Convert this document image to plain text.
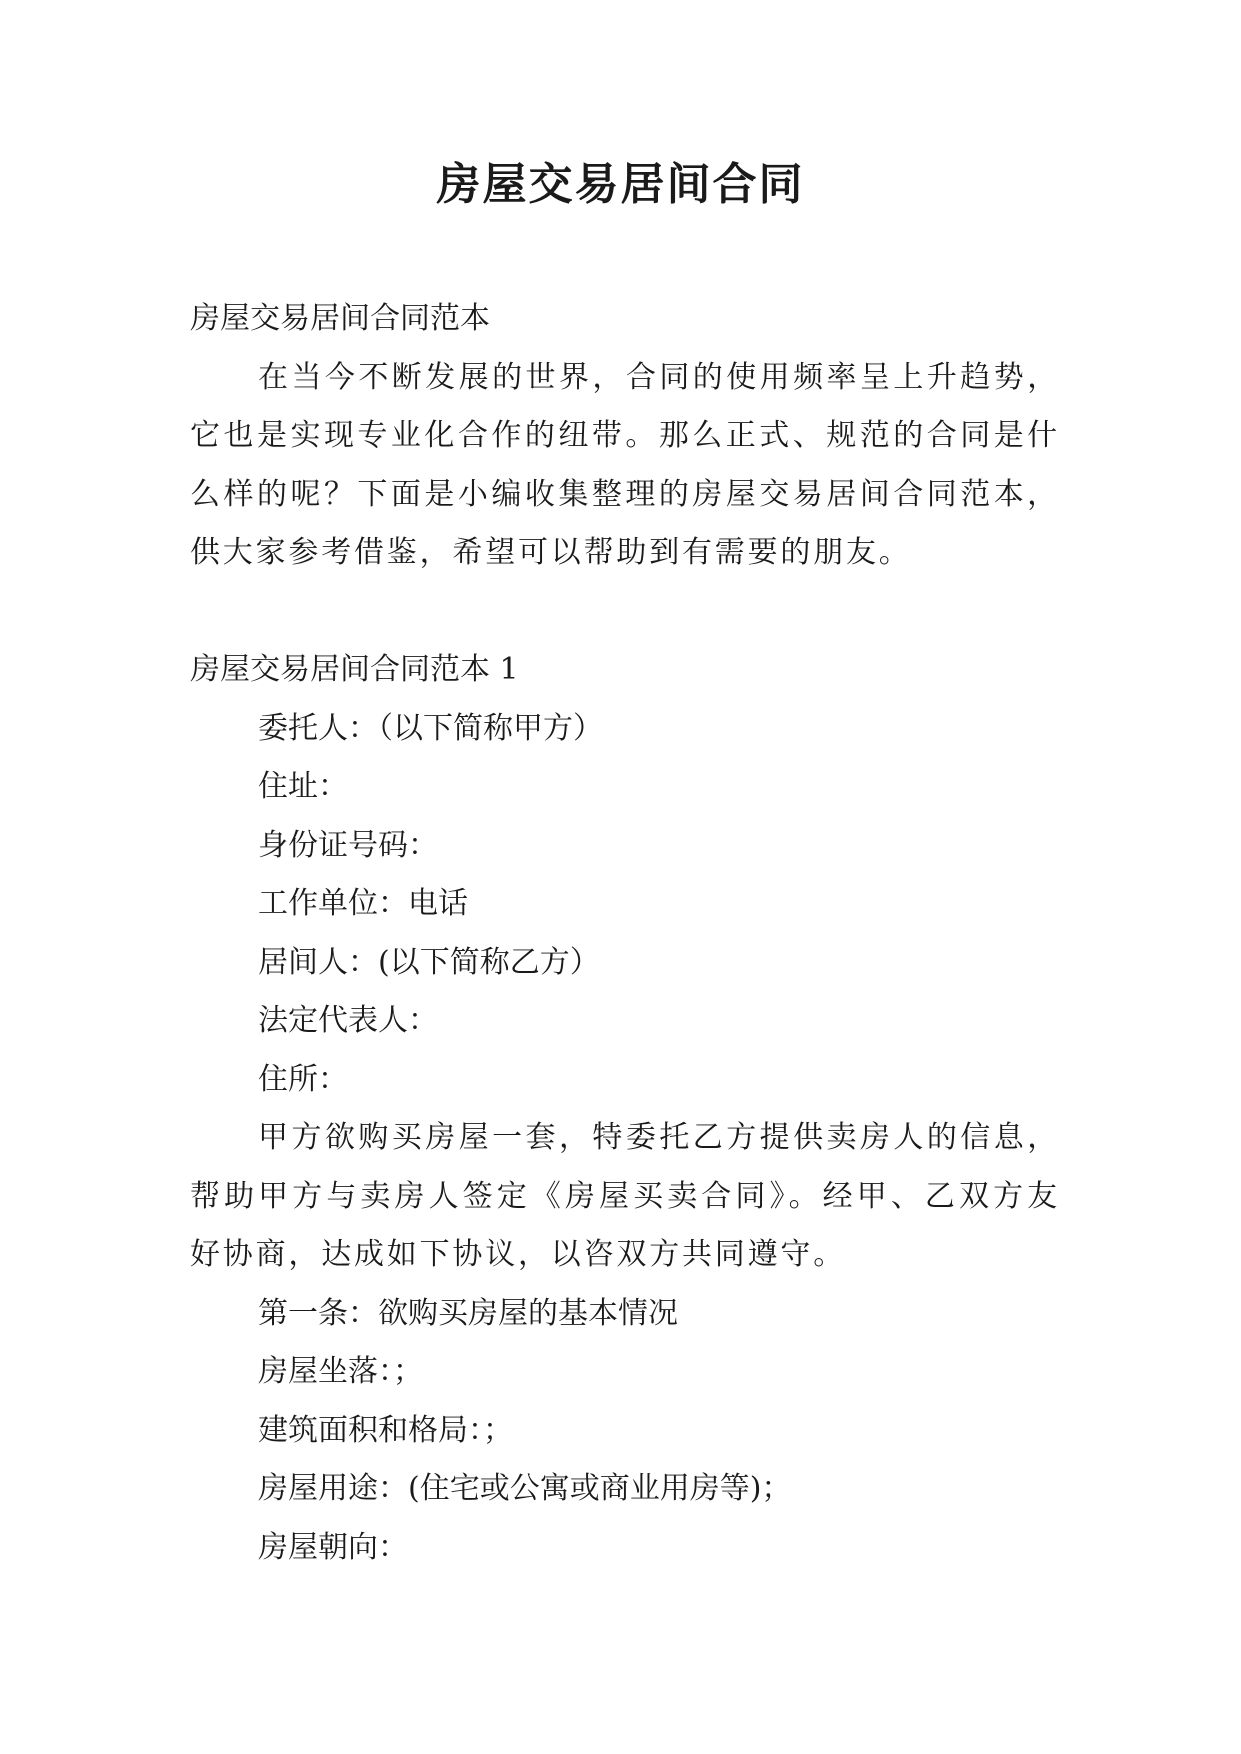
房屋交易居间合同
房屋交易居间合同范本
在当今不断发展的世界，合同的使用频率呈上升趋势，它也是实现专业化合作的纽带。那么正式、规范的合同是什么样的呢？下面是小编收集整理的房屋交易居间合同范本，供大家参考借鉴，希望可以帮助到有需要的朋友。
房屋交易居间合同范本 1
委托人：（以下简称甲方）
住址：
身份证号码：
工作单位：电话
居间人：(以下简称乙方）
法定代表人：
住所：
甲方欲购买房屋一套，特委托乙方提供卖房人的信息，帮助甲方与卖房人签定《房屋买卖合同》。经甲、乙双方友好协商，达成如下协议，以咨双方共同遵守。
第一条：欲购买房屋的基本情况
房屋坐落：；
建筑面积和格局：；
房屋用途：(住宅或公寓或商业用房等)；
房屋朝向：
